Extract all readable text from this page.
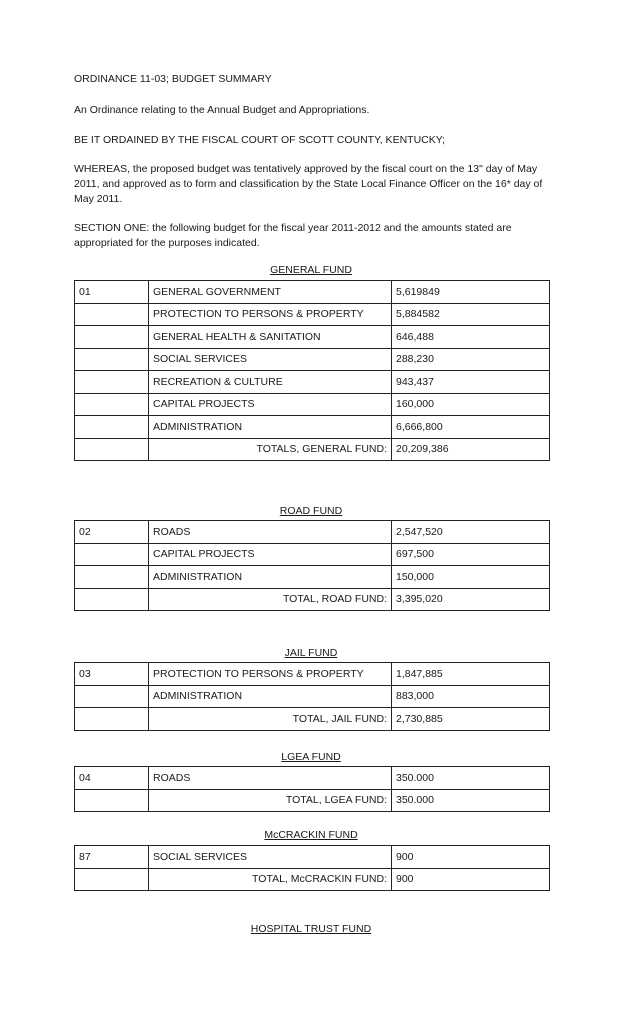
ORDINANCE 11-03; BUDGET SUMMARY

An Ordinance relating to the Annual Budget and Appropriations.

BE IT ORDAINED BY THE FISCAL COURT OF SCOTT COUNTY, KENTUCKY;

WHEREAS, the proposed budget was tentatively approved by the fiscal court on the 13" day of May 2011, and approved as to form and classification by the State Local Finance Officer on the 16* day of May 2011.

SECTION ONE: the following budget for the fiscal year 2011-2012 and the amounts stated are appropriated for the purposes indicated.

GENERAL FUND

01	GENERAL GOVERNMENT	5,619849
	PROTECTION TO PERSONS & PROPERTY	5,884582
	GENERAL HEALTH & SANITATION	646,488
	SOCIAL SERVICES	288,230
	RECREATION & CULTURE	943,437
	CAPITAL PROJECTS	160,000
	ADMINISTRATION	6,666,800
	TOTALS, GENERAL FUND:	20,209,386

ROAD FUND

02	ROADS	2,547,520
	CAPITAL PROJECTS	697,500
	ADMINISTRATION	150,000
	TOTAL, ROAD FUND:	3,395,020

JAIL FUND

03	PROTECTION TO PERSONS & PROPERTY	1,847,885
	ADMINISTRATION	883,000
	TOTAL, JAIL FUND:	2,730,885

LGEA FUND

04	ROADS	350.000
	TOTAL, LGEA FUND:	350.000

McCRACKIN FUND

87	SOCIAL SERVICES	900
	TOTAL, McCRACKIN FUND:	900

HOSPITAL TRUST FUND
